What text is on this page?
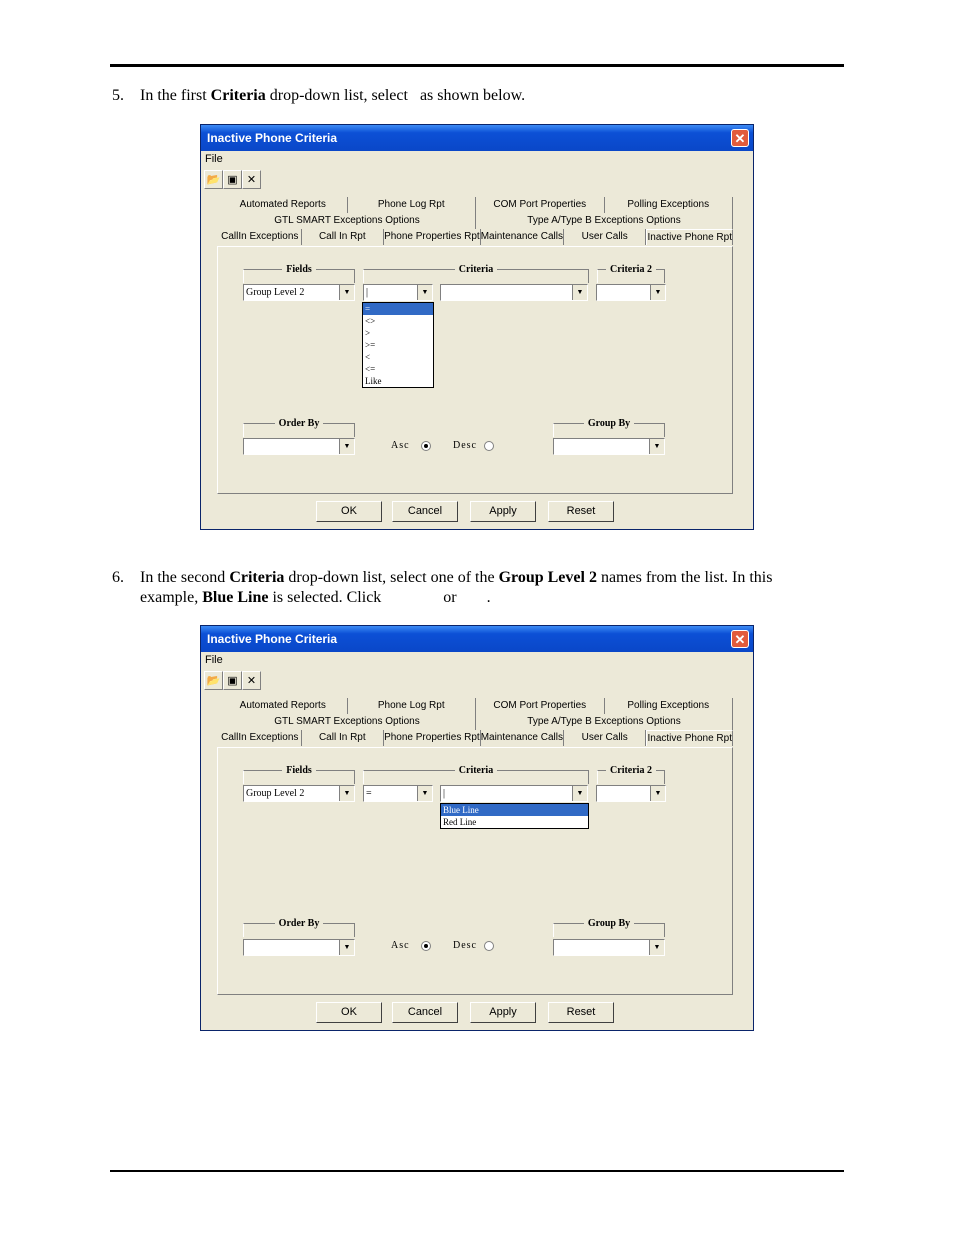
5. In the first Criteria drop-down list, select  as shown below.
Inactive Phone Criteria	✕
File
📂 ▣ ✕
Automated Reports	Phone Log Rpt	COM Port Properties	Polling Exceptions
GTL SMART Exceptions Options	Type A/Type B Exceptions Options
CallIn Exceptions	Call In Rpt	Phone Properties Rpt Maintenance Calls	User Calls	Inactive Phone Rpt
Fields	Criteria	Criteria 2
Group Level 2	▼	|	▼	▼	▼
=
<>
>
>=
<
<=
Like
Order By	Group By
▼	▼
Asc	Desc
OK	Cancel	Apply	Reset
6. In the second Criteria drop-down list, select one of the Group Level 2 names from the list. In this example, Blue Line is selected. Click	or .
Inactive Phone Criteria	✕
File
📂 ▣ ✕
Automated Reports	Phone Log Rpt	COM Port Properties	Polling Exceptions
GTL SMART Exceptions Options	Type A/Type B Exceptions Options
CallIn Exceptions	Call In Rpt	Phone Properties Rpt Maintenance Calls	User Calls	Inactive Phone Rpt
Fields	Criteria	Criteria 2
Group Level 2	▼	=	▼	|	▼	▼
Blue Line
Red Line
Order By	Group By
▼	▼
Asc	Desc
OK	Cancel	Apply	Reset
